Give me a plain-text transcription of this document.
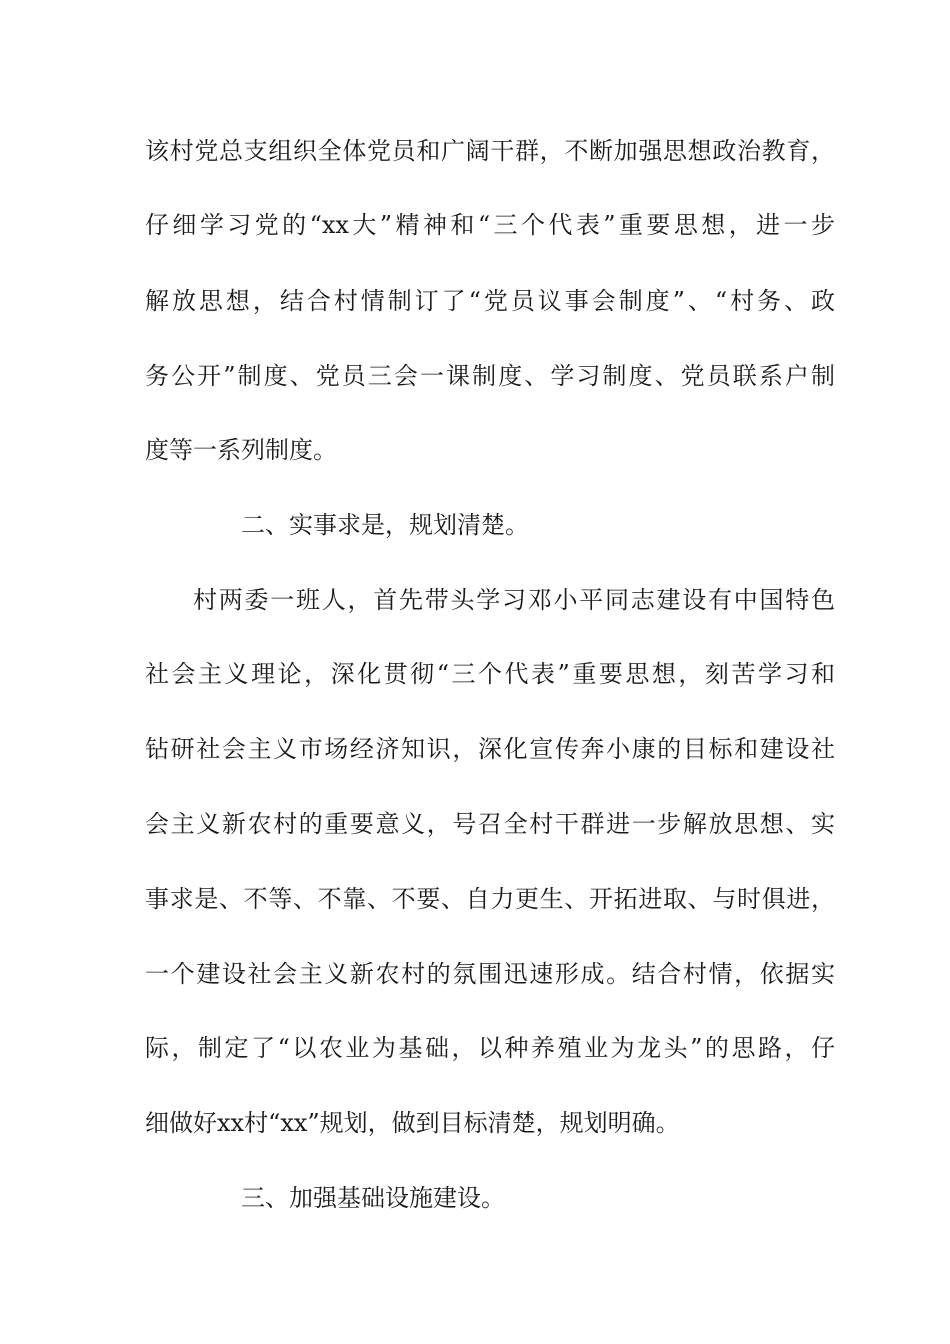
该村党总支组织全体党员和广阔干群，不断加强思想政治教育，
仔细学习党的“xx大”精神和“三个代表”重要思想，进一步
解放思想，结合村情制订了“党员议事会制度”、“村务、政
务公开”制度、党员三会一课制度、学习制度、党员联系户制
度等一系列制度。
二、实事求是，规划清楚。
村两委一班人，首先带头学习邓小平同志建设有中国特色
社会主义理论，深化贯彻“三个代表”重要思想，刻苦学习和
钻研社会主义市场经济知识，深化宣传奔小康的目标和建设社
会主义新农村的重要意义，号召全村干群进一步解放思想、实
事求是、不等、不靠、不要、自力更生、开拓进取、与时俱进，
一个建设社会主义新农村的氛围迅速形成。结合村情，依据实
际，制定了“以农业为基础，以种养殖业为龙头”的思路，仔
细做好xx村“xx”规划，做到目标清楚，规划明确。
三、加强基础设施建设。
